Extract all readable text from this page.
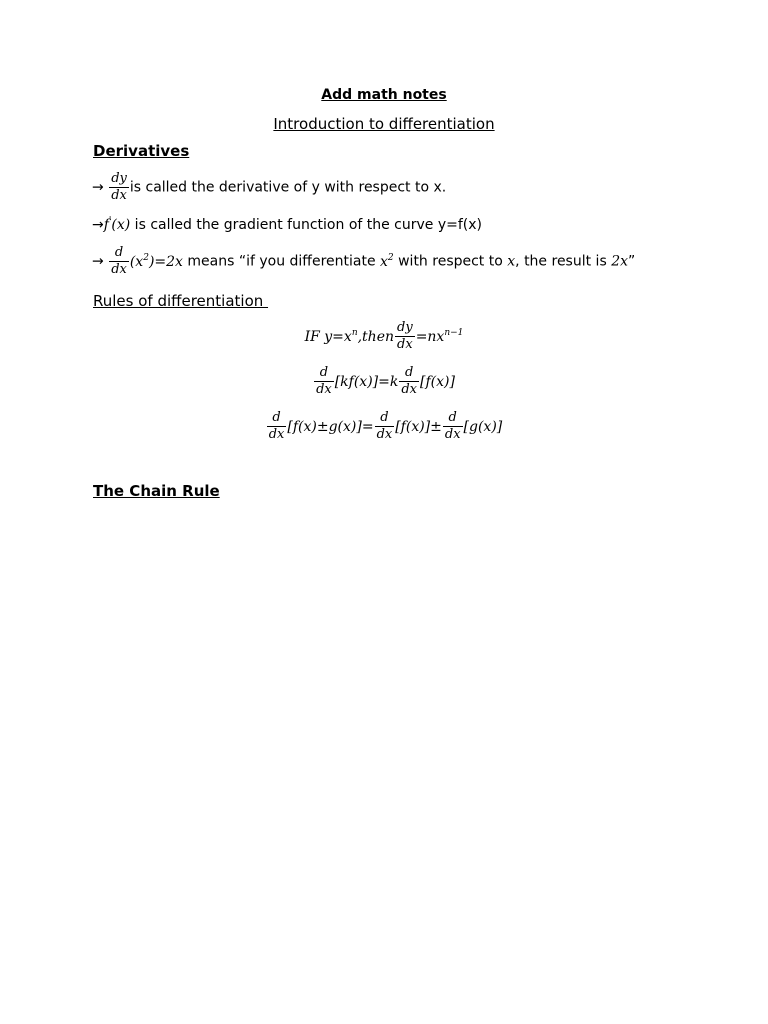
Add math notes
Introduction to differentiation
Derivatives
→ $\frac{dy}{dx}$ is called the derivative of y with respect to x.
→f'(x) is called the gradient function of the curve y=f(x)
→ $\frac{d}{dx} (x^2)=2x$ means “if you differentiate $x^2$ with respect to x, the result is 2x”
Rules of differentiation
IF $y=x^n,then \frac{dy}{dx} =nx^{n-1}$
$\frac{d}{dx} [kf(x)]=k \frac{d}{dx} [f(x)]$
$\frac{d}{dx} [f(x)\pm g(x)]= \frac{d}{dx} [f(x)]\pm \frac{d}{dx} [g(x)]$
The Chain Rule
